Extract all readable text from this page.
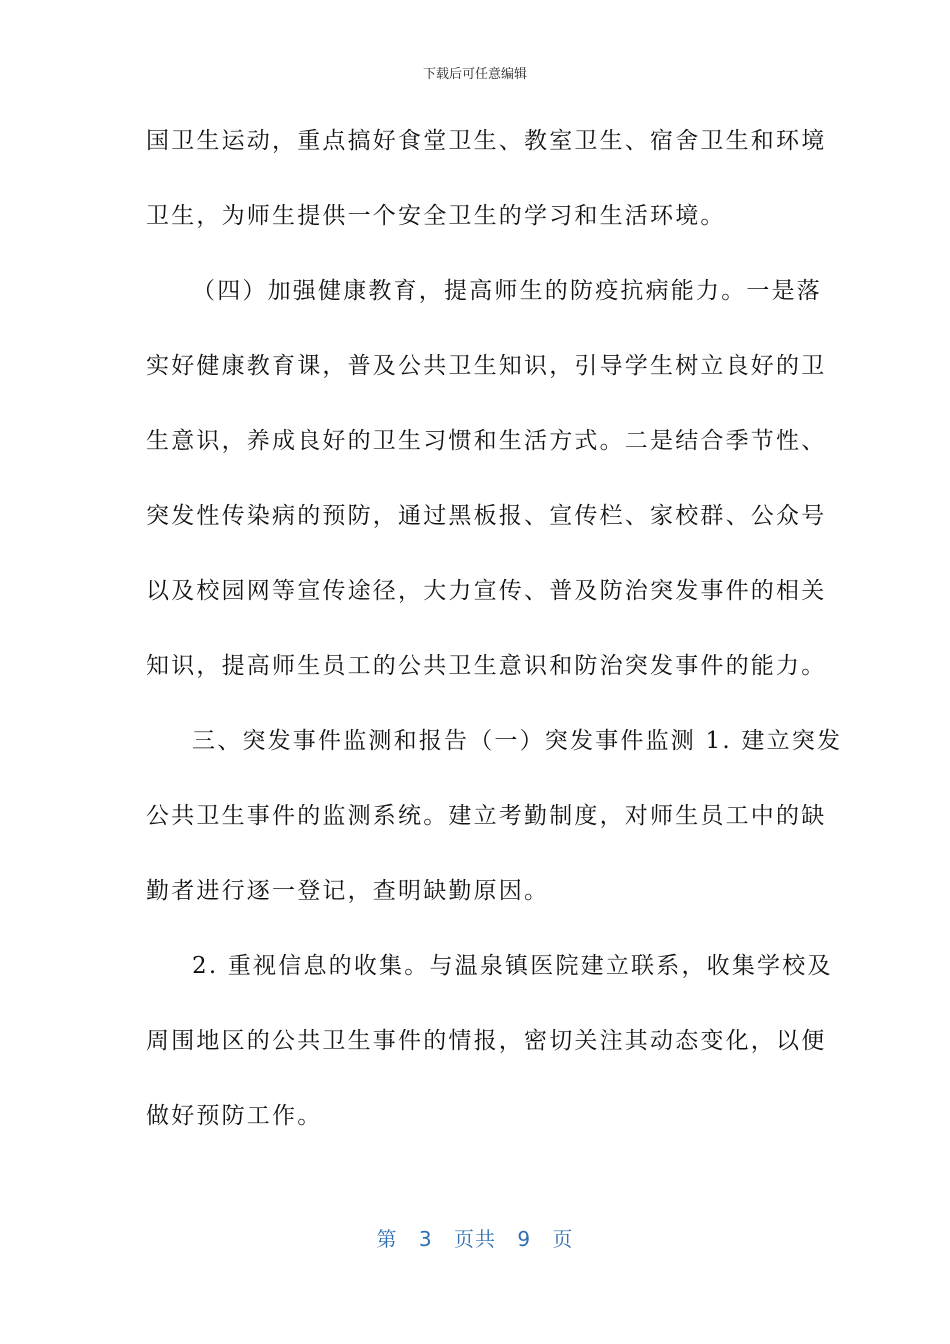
下载后可任意编辑

国卫生运动，重点搞好食堂卫生、教室卫生、宿舍卫生和环境
卫生，为师生提供一个安全卫生的学习和生活环境。

（四）加强健康教育，提高师生的防疫抗病能力。一是落
实好健康教育课，普及公共卫生知识，引导学生树立良好的卫
生意识，养成良好的卫生习惯和生活方式。二是结合季节性、
突发性传染病的预防，通过黑板报、宣传栏、家校群、公众号
以及校园网等宣传途径，大力宣传、普及防治突发事件的相关
知识，提高师生员工的公共卫生意识和防治突发事件的能力。

三、突发事件监测和报告（一）突发事件监测 1. 建立突发
公共卫生事件的监测系统。建立考勤制度，对师生员工中的缺
勤者进行逐一登记，查明缺勤原因。

2. 重视信息的收集。与温泉镇医院建立联系，收集学校及
周围地区的公共卫生事件的情报，密切关注其动态变化，以便
做好预防工作。

第 3 页共 9 页
